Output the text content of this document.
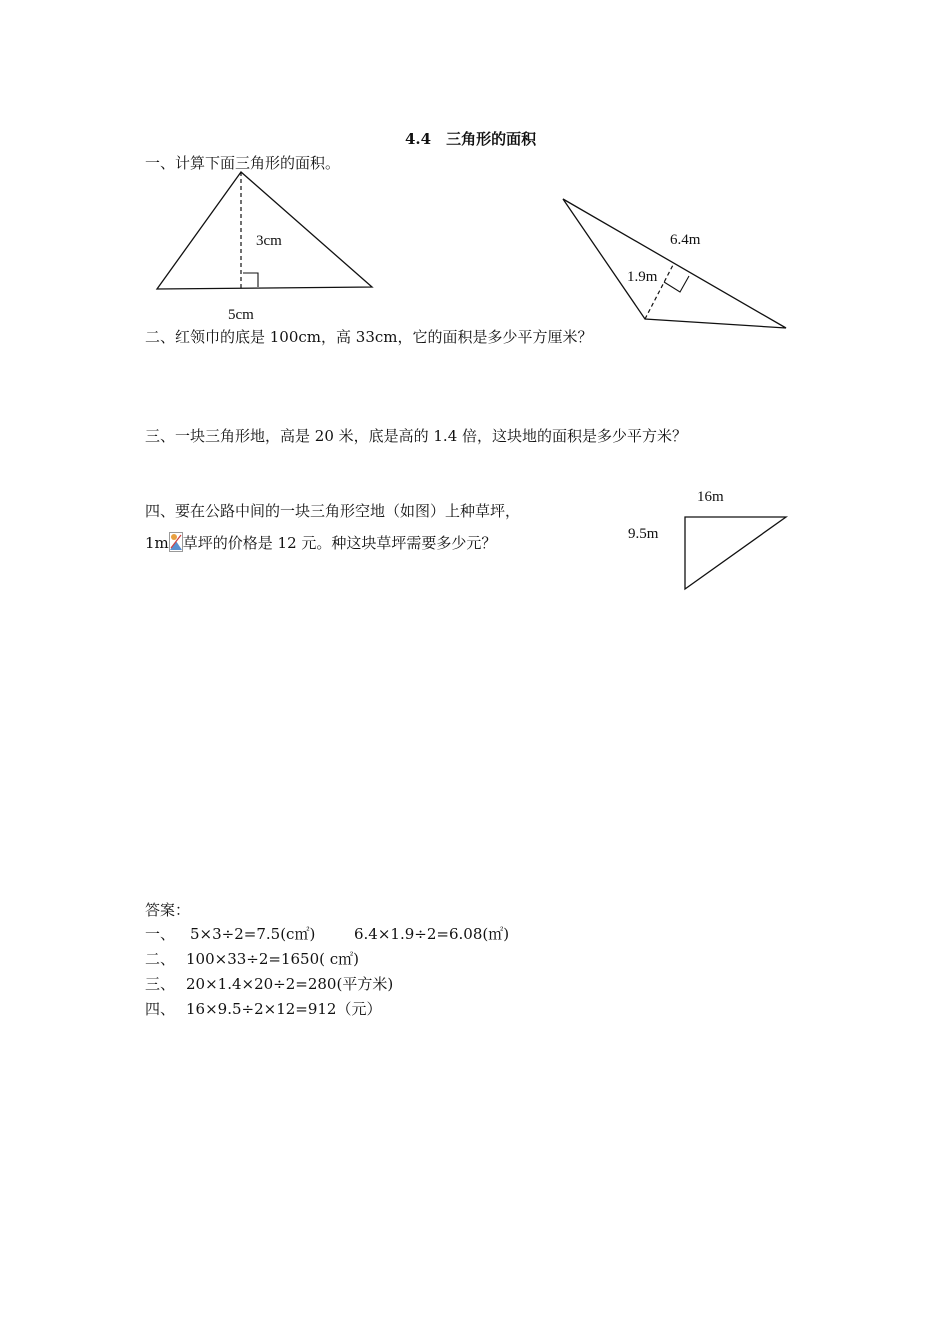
4.4　三角形的面积
一、计算下面三角形的面积。
3cm
5cm
6.4m
1.9m
二、红领巾的底是 100cm，高 33cm，它的面积是多少平方厘米？
三、一块三角形地，高是 20 米，底是高的 1.4 倍，这块地的面积是多少平方米？
四、要在公路中间的一块三角形空地（如图）上种草坪，
1m 草坪的价格是 12 元。种这块草坪需要多少元？
16m
9.5m
答案：
一、 5×3÷2=7.5(c㎡)	6.4×1.9÷2=6.08(㎡)
二、 100×33÷2=1650( c㎡)
三、 20×1.4×20÷2=280(平方米)
四、 16×9.5÷2×12=912（元）
